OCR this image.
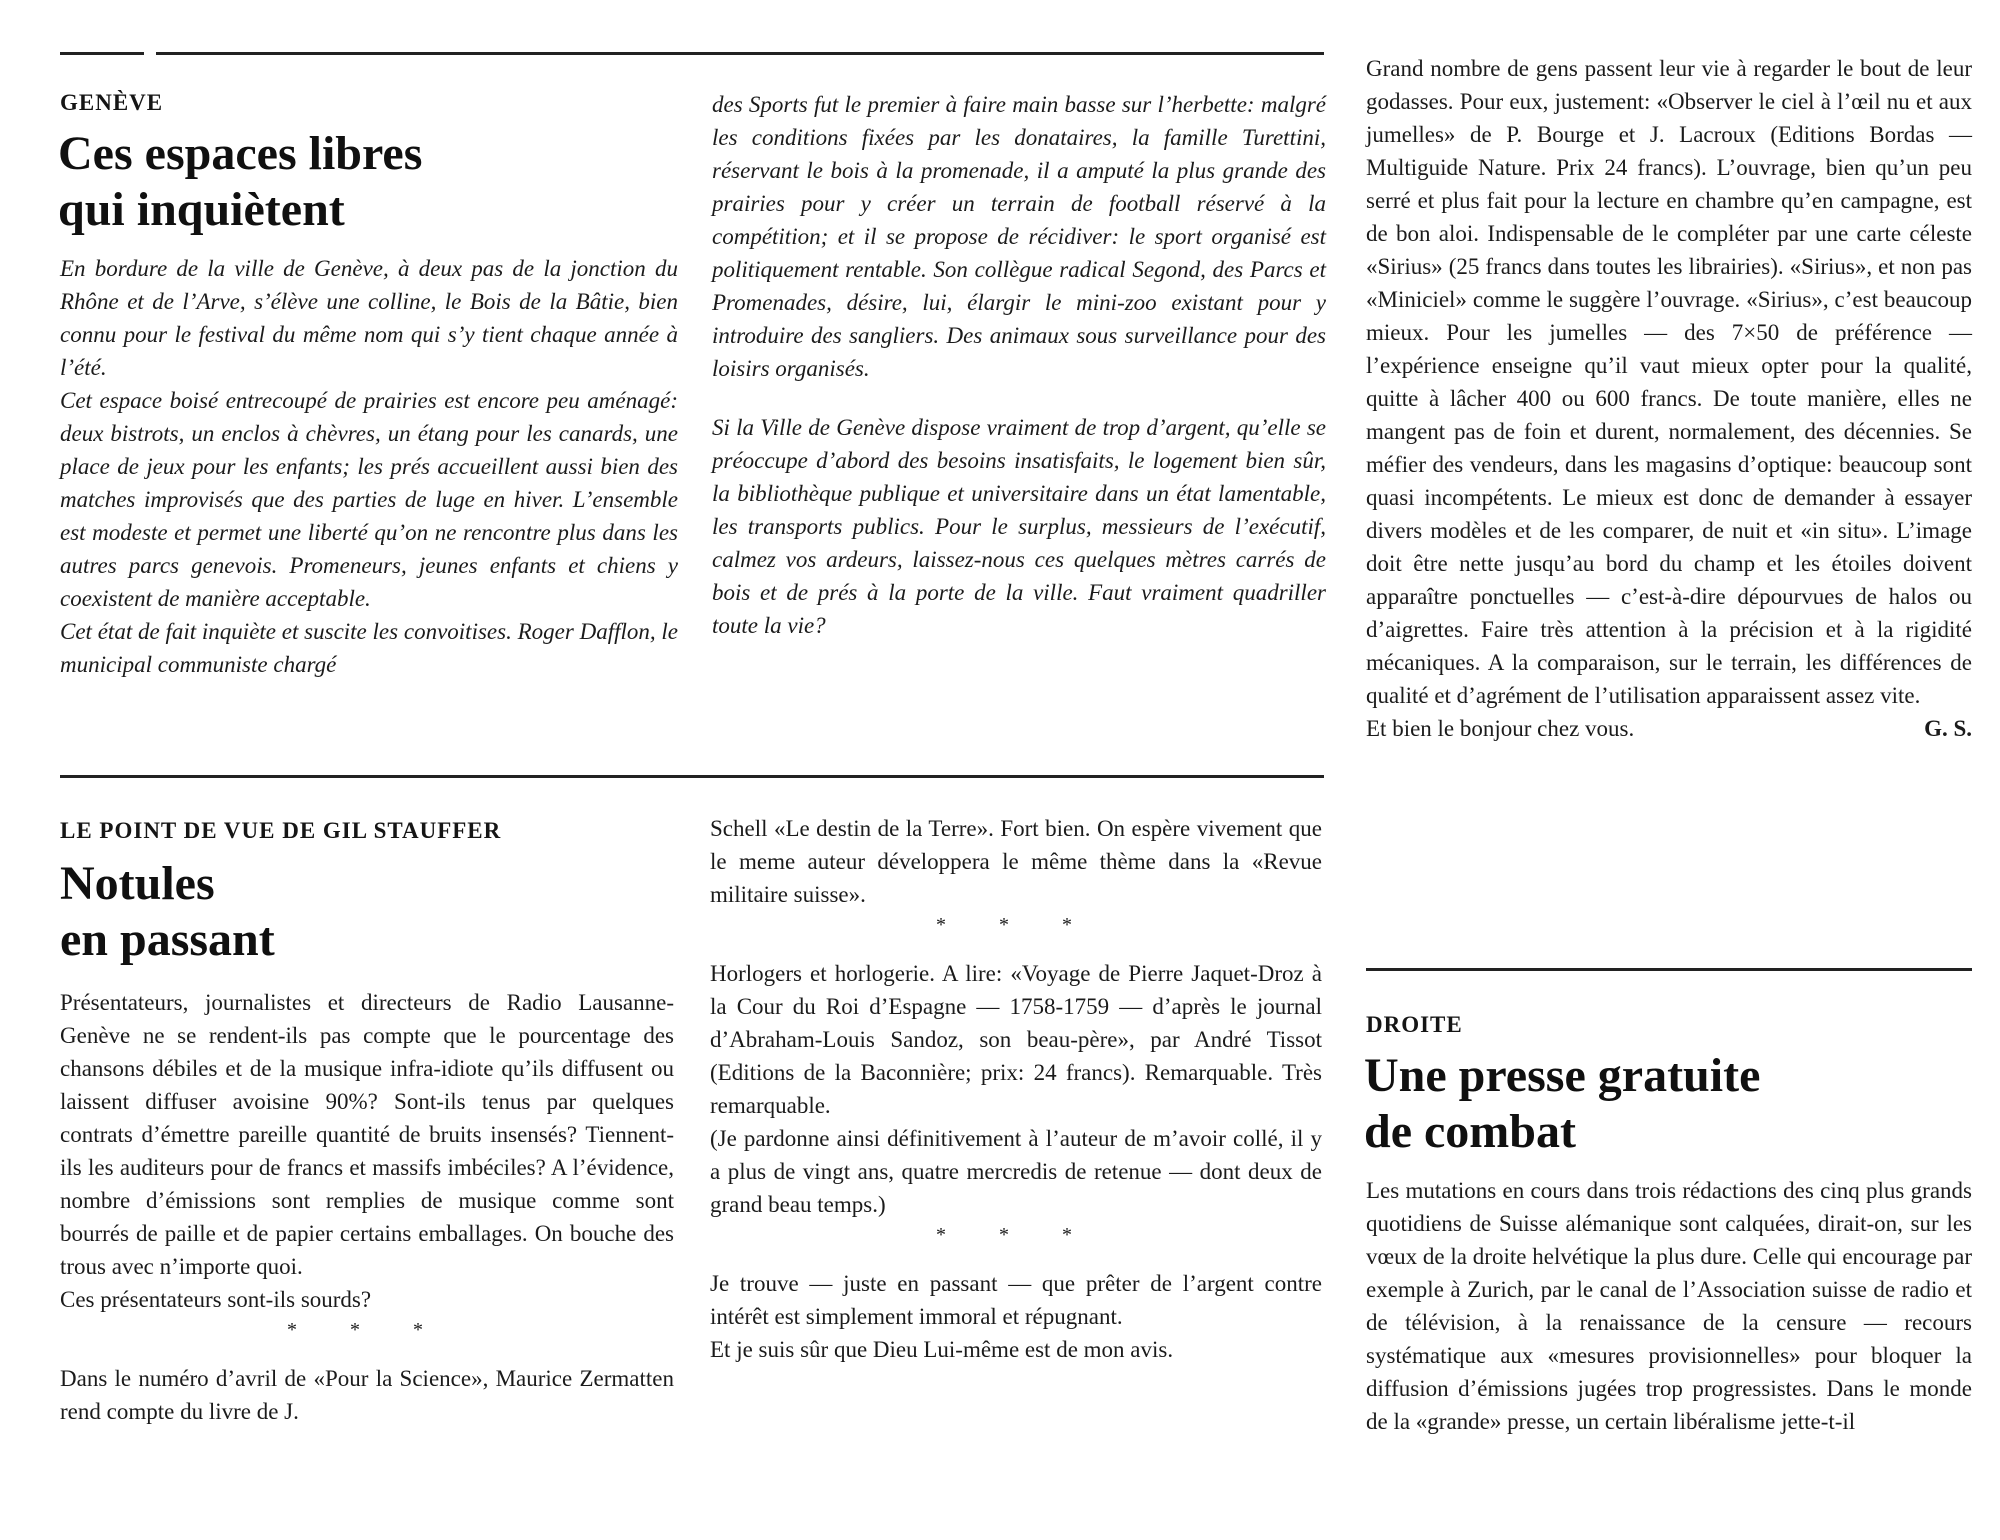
GENÈVE
Ces espaces libres
qui inquiètent

En bordure de la ville de Genève, à deux pas de la jonction du Rhône et de l’Arve, s’élève une colline, le Bois de la Bâtie, bien connu pour le festival du même nom qui s’y tient chaque année à l’été.

Cet espace boisé entrecoupé de prairies est encore peu aménagé: deux bistrots, un enclos à chèvres, un étang pour les canards, une place de jeux pour les enfants; les prés accueillent aussi bien des matches improvisés que des parties de luge en hiver. L’ensemble est modeste et permet une liberté qu’on ne rencontre plus dans les autres parcs genevois. Promeneurs, jeunes enfants et chiens y coexistent de manière acceptable.

Cet état de fait inquiète et suscite les convoitises. Roger Dafflon, le municipal communiste chargé

des Sports fut le premier à faire main basse sur l’herbette: malgré les conditions fixées par les donataires, la famille Turettini, réservant le bois à la promenade, il a amputé la plus grande des prairies pour y créer un terrain de football réservé à la compétition; et il se propose de récidiver: le sport organisé est politiquement rentable. Son collègue radical Segond, des Parcs et Promenades, désire, lui, élargir le mini-zoo existant pour y introduire des sangliers. Des animaux sous surveillance pour des loisirs organisés.

Si la Ville de Genève dispose vraiment de trop d’argent, qu’elle se préoccupe d’abord des besoins insatisfaits, le logement bien sûr, la bibliothèque publique et universitaire dans un état lamentable, les transports publics. Pour le surplus, messieurs de l’exécutif, calmez vos ardeurs, laissez-nous ces quelques mètres carrés de bois et de prés à la porte de la ville. Faut vraiment quadriller toute la vie?

LE POINT DE VUE DE GIL STAUFFER
Notules
en passant

Présentateurs, journalistes et directeurs de Radio Lausanne-Genève ne se rendent-ils pas compte que le pourcentage des chansons débiles et de la musique infra-idiote qu’ils diffusent ou laissent diffuser avoisine 90%? Sont-ils tenus par quelques contrats d’émettre pareille quantité de bruits insensés? Tiennent-ils les auditeurs pour de francs et massifs imbéciles? A l’évidence, nombre d’émissions sont remplies de musique comme sont bourrés de paille et de papier certains emballages. On bouche des trous avec n’importe quoi.

Ces présentateurs sont-ils sourds?

* * *

Dans le numéro d’avril de «Pour la Science», Maurice Zermatten rend compte du livre de J.

Schell «Le destin de la Terre». Fort bien. On espère vivement que le meme auteur développera le même thème dans la «Revue militaire suisse».

* * *

Horlogers et horlogerie. A lire: «Voyage de Pierre Jaquet-Droz à la Cour du Roi d’Espagne — 1758-1759 — d’après le journal d’Abraham-Louis Sandoz, son beau-père», par André Tissot (Editions de la Baconnière; prix: 24 francs). Remarquable. Très remarquable.

(Je pardonne ainsi définitivement à l’auteur de m’avoir collé, il y a plus de vingt ans, quatre mercredis de retenue — dont deux de grand beau temps.)

* * *

Je trouve — juste en passant — que prêter de l’argent contre intérêt est simplement immoral et répugnant.

Et je suis sûr que Dieu Lui-même est de mon avis.

Grand nombre de gens passent leur vie à regarder le bout de leur godasses. Pour eux, justement: «Observer le ciel à l’œil nu et aux jumelles» de P. Bourge et J. Lacroux (Editions Bordas — Multiguide Nature. Prix 24 francs). L’ouvrage, bien qu’un peu serré et plus fait pour la lecture en chambre qu’en campagne, est de bon aloi. Indispensable de le compléter par une carte céleste «Sirius» (25 francs dans toutes les librairies). «Sirius», et non pas «Miniciel» comme le suggère l’ouvrage. «Sirius», c’est beaucoup mieux. Pour les jumelles — des 7×50 de préférence — l’expérience enseigne qu’il vaut mieux opter pour la qualité, quitte à lâcher 400 ou 600 francs. De toute manière, elles ne mangent pas de foin et durent, normalement, des décennies. Se méfier des vendeurs, dans les magasins d’optique: beaucoup sont quasi incompétents. Le mieux est donc de demander à essayer divers modèles et de les comparer, de nuit et «in situ». L’image doit être nette jusqu’au bord du champ et les étoiles doivent apparaître ponctuelles — c’est-à-dire dépourvues de halos ou d’aigrettes. Faire très attention à la précision et à la rigidité mécaniques. A la comparaison, sur le terrain, les différences de qualité et d’agrément de l’utilisation apparaissent assez vite.

Et bien le bonjour chez vous.	G. S.
DROITE
Une presse gratuite
de combat

Les mutations en cours dans trois rédactions des cinq plus grands quotidiens de Suisse alémanique sont calquées, dirait-on, sur les vœux de la droite helvétique la plus dure. Celle qui encourage par exemple à Zurich, par le canal de l’Association suisse de radio et de télévision, à la renaissance de la censure — recours systématique aux «mesures provisionnelles» pour bloquer la diffusion d’émissions jugées trop progressistes. Dans le monde de la «grande» presse, un certain libéralisme jette-t-il
